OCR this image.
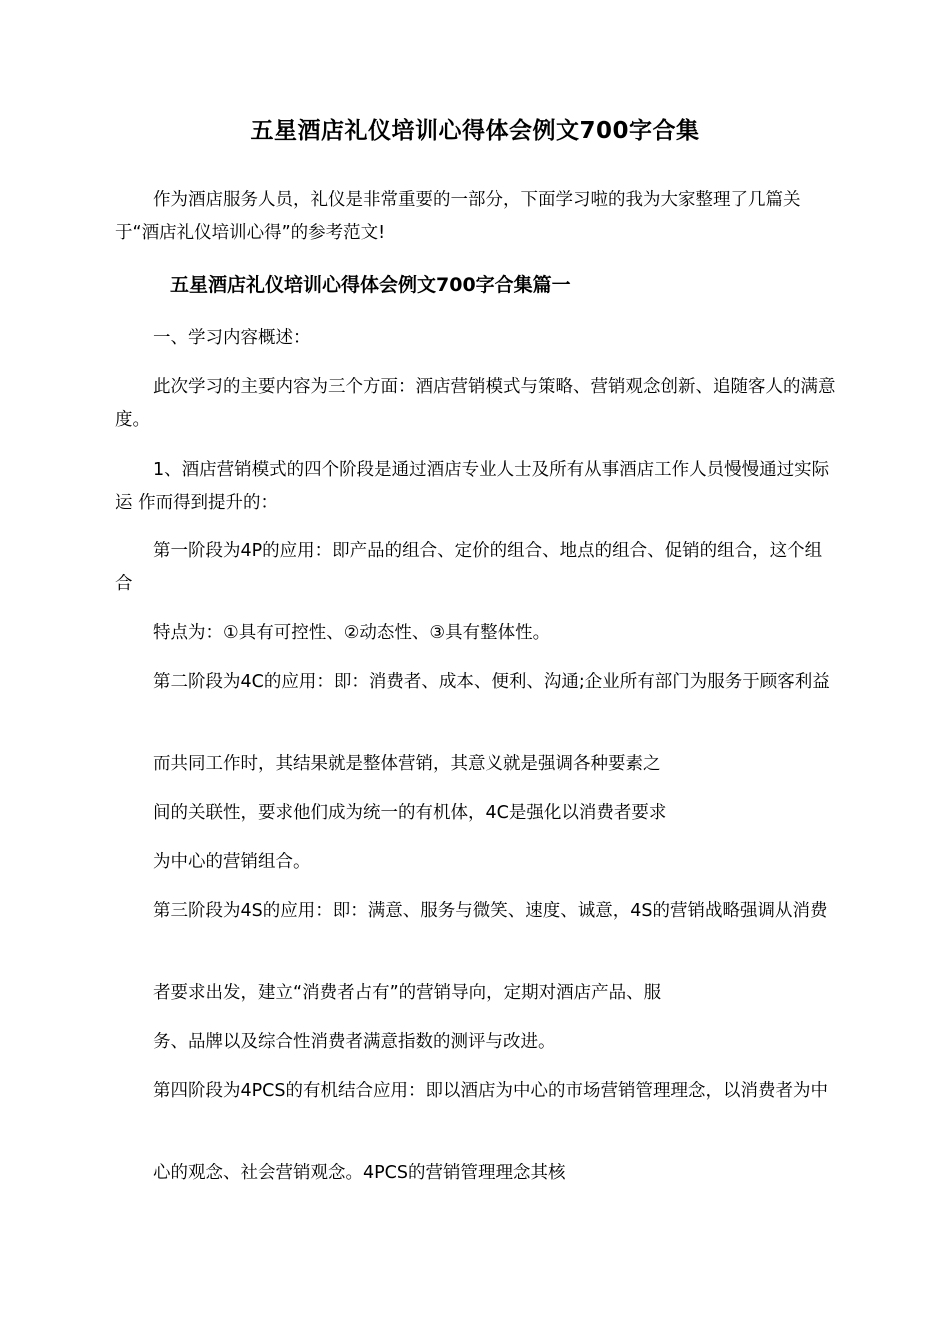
五星酒店礼仪培训心得体会例文700字合集

作为酒店服务人员，礼仪是非常重要的一部分，下面学习啦的我为大家整理了几篇关于“酒店礼仪培训心得”的参考范文!

五星酒店礼仪培训心得体会例文700字合集篇一

一、学习内容概述：

此次学习的主要内容为三个方面：酒店营销模式与策略、营销观念创新、追随客人的满意度。

1、酒店营销模式的四个阶段是通过酒店专业人士及所有从事酒店工作人员慢慢通过实际运 作而得到提升的：

第一阶段为4P的应用：即产品的组合、定价的组合、地点的组合、促销的组合，这个组合

特点为：①具有可控性、②动态性、③具有整体性。

第二阶段为4C的应用：即：消费者、成本、便利、沟通;企业所有部门为服务于顾客利益

而共同工作时，其结果就是整体营销，其意义就是强调各种要素之

间的关联性，要求他们成为统一的有机体，4C是强化以消费者要求

为中心的营销组合。

第三阶段为4S的应用：即：满意、服务与微笑、速度、诚意，4S的营销战略强调从消费

者要求出发，建立“消费者占有”的营销导向，定期对酒店产品、服

务、品牌以及综合性消费者满意指数的测评与改进。

第四阶段为4PCS的有机结合应用：即以酒店为中心的市场营销管理理念，以消费者为中

心的观念、社会营销观念。4PCS的营销管理理念其核
